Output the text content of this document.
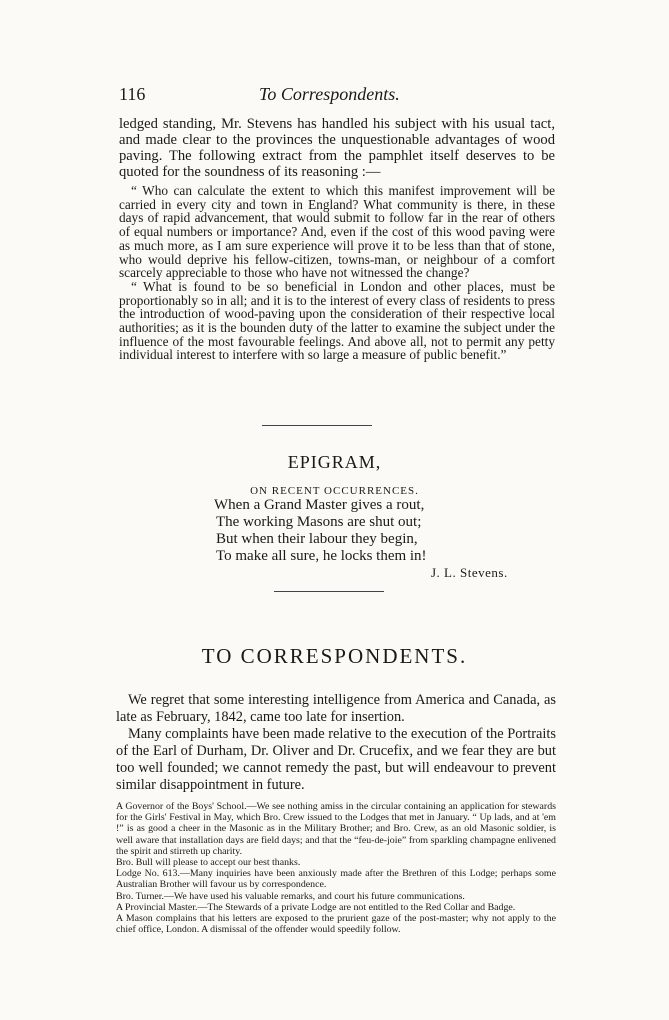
116	To Correspondents.

ledged standing, Mr. Stevens has handled his subject with his usual tact, and made clear to the provinces the unquestionable advantages of wood paving. The following extract from the pamphlet itself deserves to be quoted for the soundness of its reasoning :—

“ Who can calculate the extent to which this manifest improvement will be carried in every city and town in England? What community is there, in these days of rapid advancement, that would submit to follow far in the rear of others of equal numbers or importance? And, even if the cost of this wood paving were as much more, as I am sure experience will prove it to be less than that of stone, who would deprive his fellow-citizen, towns-man, or neighbour of a comfort scarcely appreciable to those who have not witnessed the change?

“ What is found to be so beneficial in London and other places, must be proportionably so in all; and it is to the interest of every class of residents to press the introduction of wood-paving upon the consideration of their respective local authorities; as it is the bounden duty of the latter to examine the subject under the influence of the most favourable feelings. And above all, not to permit any petty individual interest to interfere with so large a measure of public benefit.”

EPIGRAM,
ON RECENT OCCURRENCES.
When a Grand Master gives a rout,
The working Masons are shut out;
But when their labour they begin,
To make all sure, he locks them in!
J. L. Stevens.
TO CORRESPONDENTS.

We regret that some interesting intelligence from America and Canada, as late as February, 1842, came too late for insertion.

Many complaints have been made relative to the execution of the Portraits of the Earl of Durham, Dr. Oliver and Dr. Crucefix, and we fear they are but too well founded; we cannot remedy the past, but will endeavour to prevent similar disappointment in future.

A Governor of the Boys' School.—We see nothing amiss in the circular containing an application for stewards for the Girls' Festival in May, which Bro. Crew issued to the Lodges that met in January. “ Up lads, and at 'em !” is as good a cheer in the Masonic as in the Military Brother; and Bro. Crew, as an old Masonic soldier, is well aware that installation days are field days; and that the “feu-de-joie” from sparkling champagne enlivened the spirit and stirreth up charity.

Bro. Bull will please to accept our best thanks.

Lodge No. 613.—Many inquiries have been anxiously made after the Brethren of this Lodge; perhaps some Australian Brother will favour us by correspondence.

Bro. Turner.—We have used his valuable remarks, and court his future communications.

A Provincial Master.—The Stewards of a private Lodge are not entitled to the Red Collar and Badge.

A Mason complains that his letters are exposed to the prurient gaze of the post-master; why not apply to the chief office, London. A dismissal of the offender would speedily follow.
